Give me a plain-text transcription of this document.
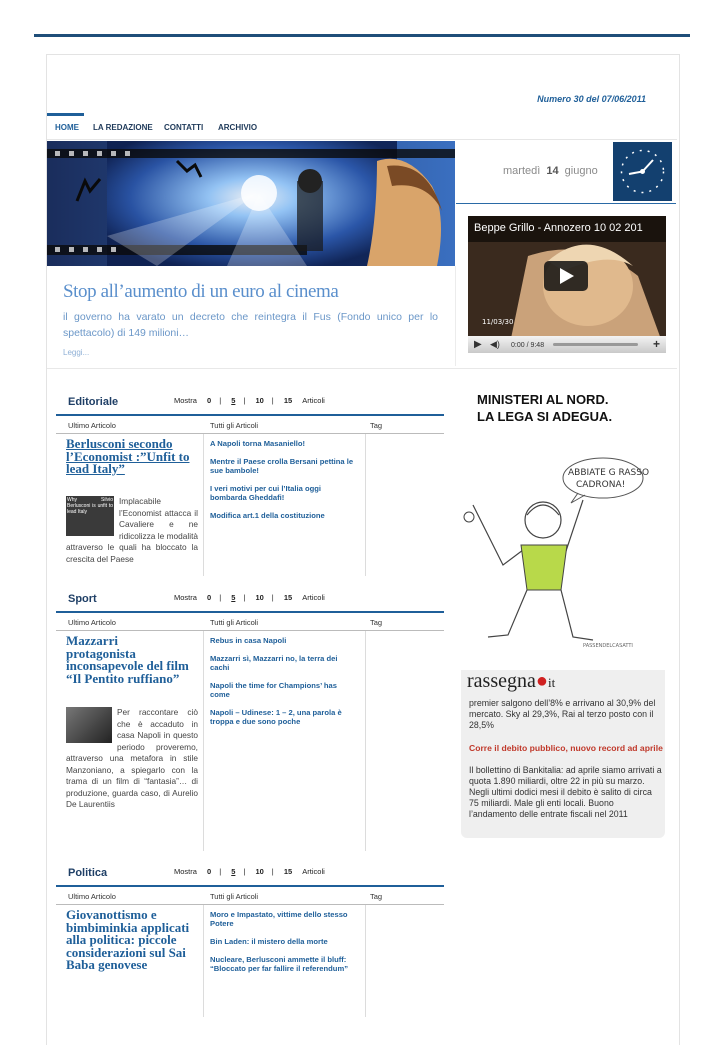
Numero 30 del 07/06/2011
HOME LA REDAZIONE CONTATTI ARCHIVIO
Stop all’aumento di un euro al cinema
il governo ha varato un decreto che reintegra il Fus (Fondo unico per lo spettacolo) di 149 milioni…
Leggi...
martedì 14 giugno
11/03/30
Beppe Grillo - Annozero 10 02 201
▶ ◀) 0:00 / 9:48	+
Editoriale	Mostra 0 | 5 | 10 | 15 Articoli
Ultimo Articolo	Tutti gli Articoli	Tag
Berlusconi secondo l’Economist :”Unfit to lead Italy”
Why Silvio Berlusconi is unfit to lead Italy
Implacabile l’Economist attacca il Cavaliere e ne ridicolizza le modalità attraverso le quali ha bloccato la crescita del Paese
A Napoli torna Masaniello!
Mentre il Paese crolla Bersani pettina le sue bambole!
I veri motivi per cui l’Italia oggi bombarda Gheddafi!
Modifica art.1 della costituzione
Sport	Mostra 0 | 5 | 10 | 15 Articoli
Ultimo Articolo	Tutti gli Articoli	Tag
Mazzarri protagonista inconsapevole del film “Il Pentito ruffiano”
Per raccontare ciò che è accaduto in casa Napoli in questo periodo proveremo, attraverso una metafora in stile Manzoniano, a spiegarlo con la trama di un film di “fantasia”… di produzione, guarda caso, di Aurelio De Laurentiis
Rebus in casa Napoli
Mazzarri sì, Mazzarri no, la terra dei cachi
Napoli the time for Champions’ has come
Napoli – Udinese: 1 – 2, una parola è troppa e due sono poche
Politica	Mostra 0 | 5 | 10 | 15 Articoli
Ultimo Articolo	Tutti gli Articoli	Tag
Giovanottismo e bimbiminkia applicati alla politica: piccole considerazioni sul Sai Baba genovese
Moro e Impastato, vittime dello stesso Potere
Bin Laden: il mistero della morte
Nucleare, Berlusconi ammette il bluff: “Bloccato per far fallire il referendum”
MINISTERI AL NORD.
LA LEGA SI ADEGUA.
ABBIATE G RASSO
CADRONA!
PASSENDELCASATTI
rassegna●it
premier salgono dell’8% e arrivano al 30,9% del mercato. Sky al 29,3%, Rai al terzo posto con il 28,5%
Corre il debito pubblico, nuovo record ad aprile
Il bollettino di Bankitalia: ad aprile siamo arrivati a quota 1.890 miliardi, oltre 22 in più su marzo. Negli ultimi dodici mesi il debito è salito di circa 75 miliardi. Male gli enti locali. Buono l’andamento delle entrate fiscali nel 2011
